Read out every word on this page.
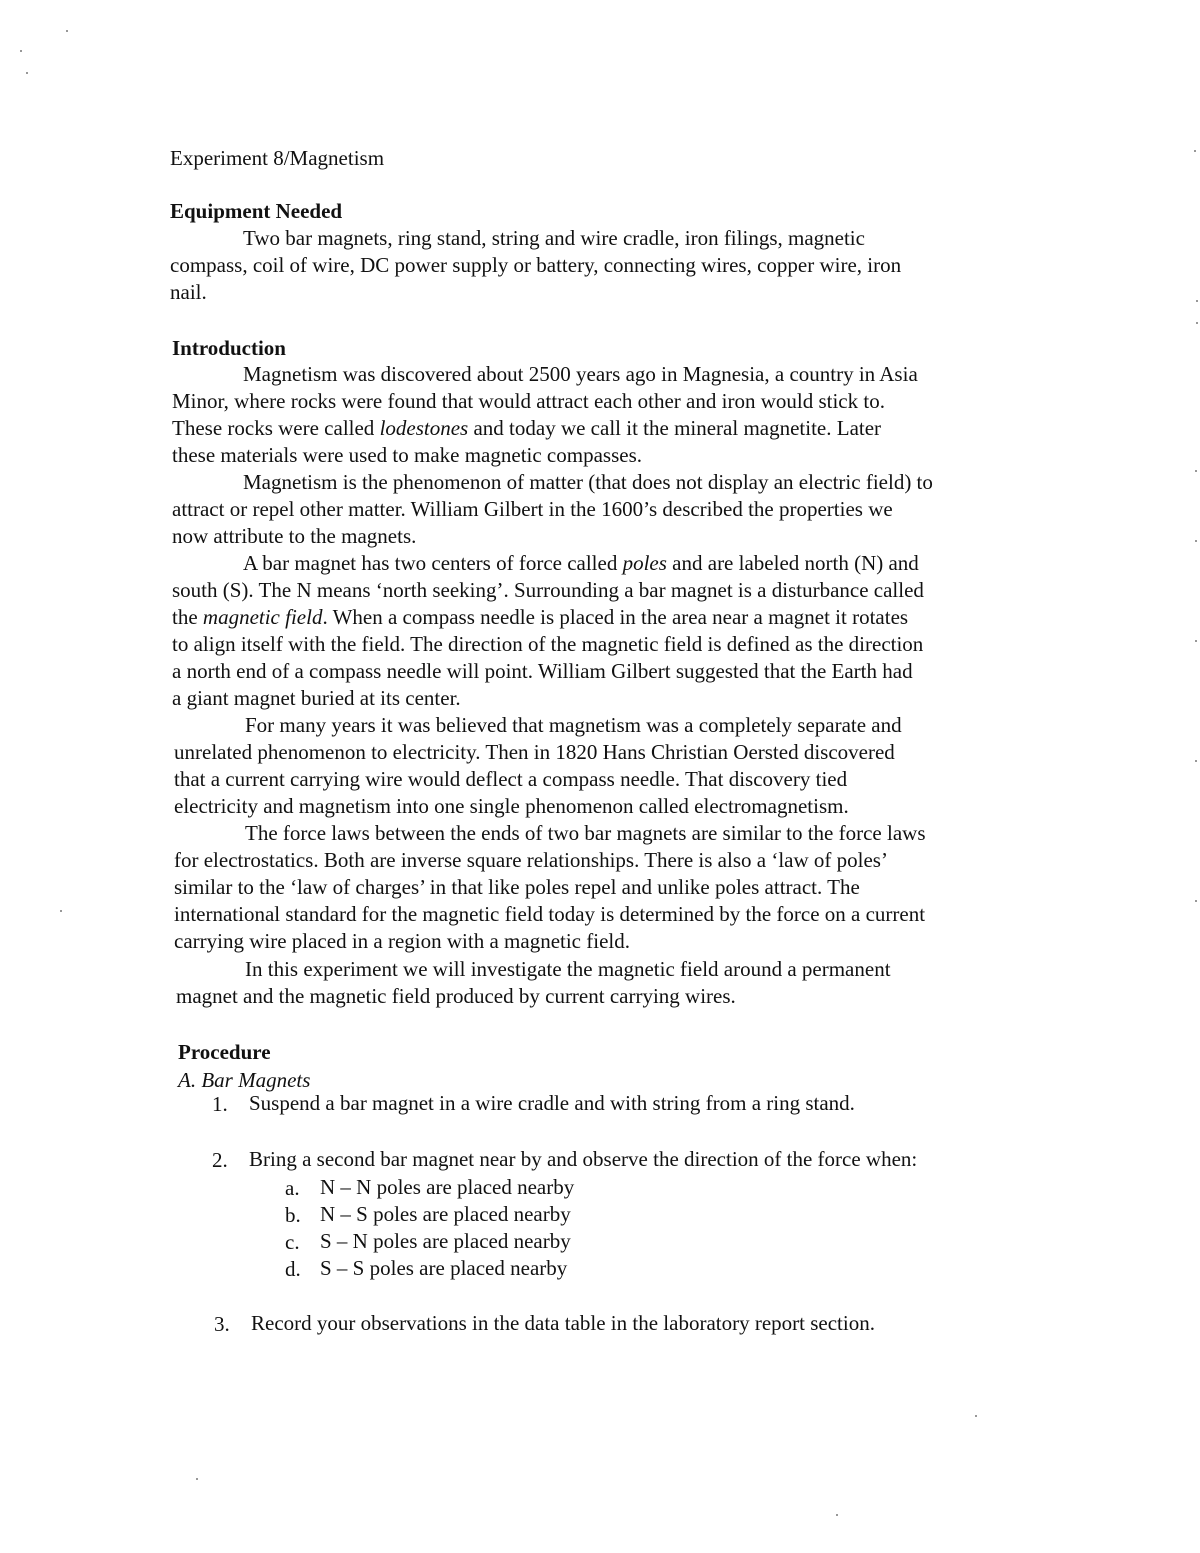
Experiment 8/Magnetism
Equipment Needed
Two bar magnets, ring stand, string and wire cradle, iron filings, magnetic
compass, coil of wire, DC power supply or battery, connecting wires, copper wire, iron
nail.
Introduction
Magnetism was discovered about 2500 years ago in Magnesia, a country in Asia
Minor, where rocks were found that would attract each other and iron would stick to.
These rocks were called lodestones and today we call it the mineral magnetite. Later
these materials were used to make magnetic compasses.
Magnetism is the phenomenon of matter (that does not display an electric field) to
attract or repel other matter. William Gilbert in the 1600’s described the properties we
now attribute to the magnets.
A bar magnet has two centers of force called poles and are labeled north (N) and
south (S). The N means ‘north seeking’. Surrounding a bar magnet is a disturbance called
the magnetic field. When a compass needle is placed in the area near a magnet it rotates
to align itself with the field. The direction of the magnetic field is defined as the direction
a north end of a compass needle will point. William Gilbert suggested that the Earth had
a giant magnet buried at its center.
For many years it was believed that magnetism was a completely separate and
unrelated phenomenon to electricity. Then in 1820 Hans Christian Oersted discovered
that a current carrying wire would deflect a compass needle. That discovery tied
electricity and magnetism into one single phenomenon called electromagnetism.
The force laws between the ends of two bar magnets are similar to the force laws
for electrostatics. Both are inverse square relationships. There is also a ‘law of poles’
similar to the ‘law of charges’ in that like poles repel and unlike poles attract. The
international standard for the magnetic field today is determined by the force on a current
carrying wire placed in a region with a magnetic field.
In this experiment we will investigate the magnetic field around a permanent
magnet and the magnetic field produced by current carrying wires.
Procedure
A. Bar Magnets
1. Suspend a bar magnet in a wire cradle and with string from a ring stand.
2. Bring a second bar magnet near by and observe the direction of the force when:
a. N – N poles are placed nearby
b. N – S poles are placed nearby
c. S – N poles are placed nearby
d. S – S poles are placed nearby
3. Record your observations in the data table in the laboratory report section.
